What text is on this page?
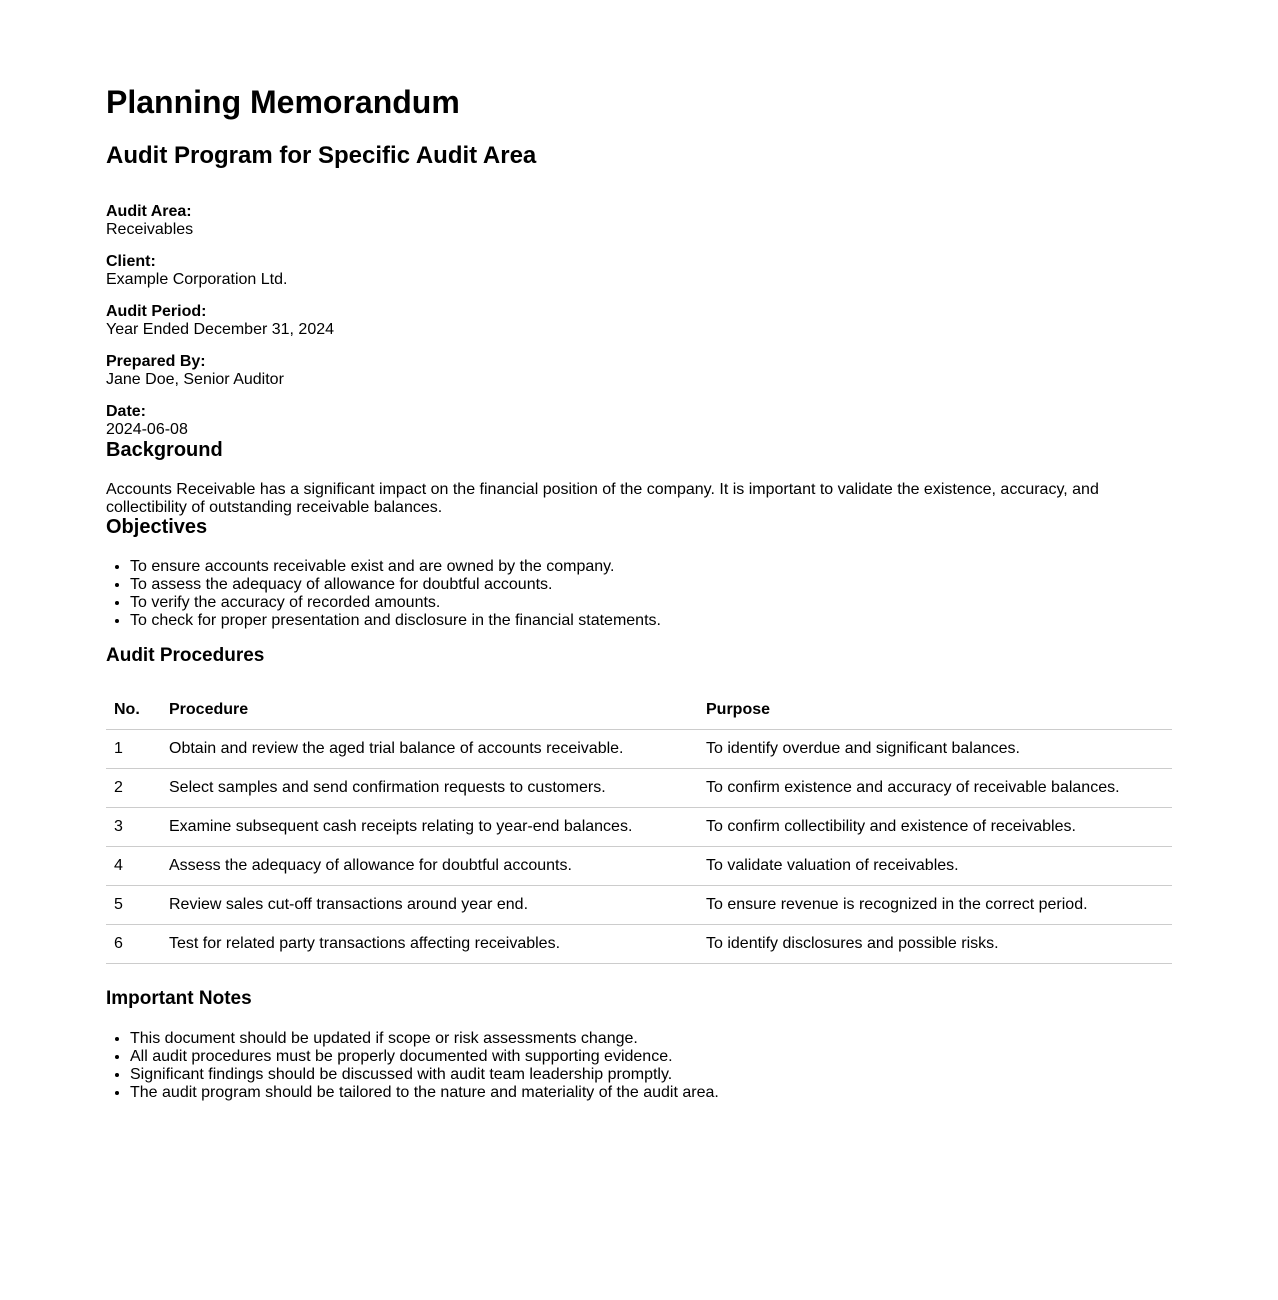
Planning Memorandum
Audit Program for Specific Audit Area
Audit Area:
Receivables
Client:
Example Corporation Ltd.
Audit Period:
Year Ended December 31, 2024
Prepared By:
Jane Doe, Senior Auditor
Date:
2024-06-08
Background

Accounts Receivable has a significant impact on the financial position of the company. It is important to validate the existence, accuracy, and collectibility of outstanding receivable balances.

Objectives
• To ensure accounts receivable exist and are owned by the company.
• To assess the adequacy of allowance for doubtful accounts.
• To verify the accuracy of recorded amounts.
• To check for proper presentation and disclosure in the financial statements.
Audit Procedures
No.	Procedure	Purpose
1	Obtain and review the aged trial balance of accounts receivable.	To identify overdue and significant balances.
2	Select samples and send confirmation requests to customers.	To confirm existence and accuracy of receivable balances.
3	Examine subsequent cash receipts relating to year-end balances.	To confirm collectibility and existence of receivables.
4	Assess the adequacy of allowance for doubtful accounts.	To validate valuation of receivables.
5	Review sales cut-off transactions around year end.	To ensure revenue is recognized in the correct period.
6	Test for related party transactions affecting receivables.	To identify disclosures and possible risks.
Important Notes
• This document should be updated if scope or risk assessments change.
• All audit procedures must be properly documented with supporting evidence.
• Significant findings should be discussed with audit team leadership promptly.
• The audit program should be tailored to the nature and materiality of the audit area.
